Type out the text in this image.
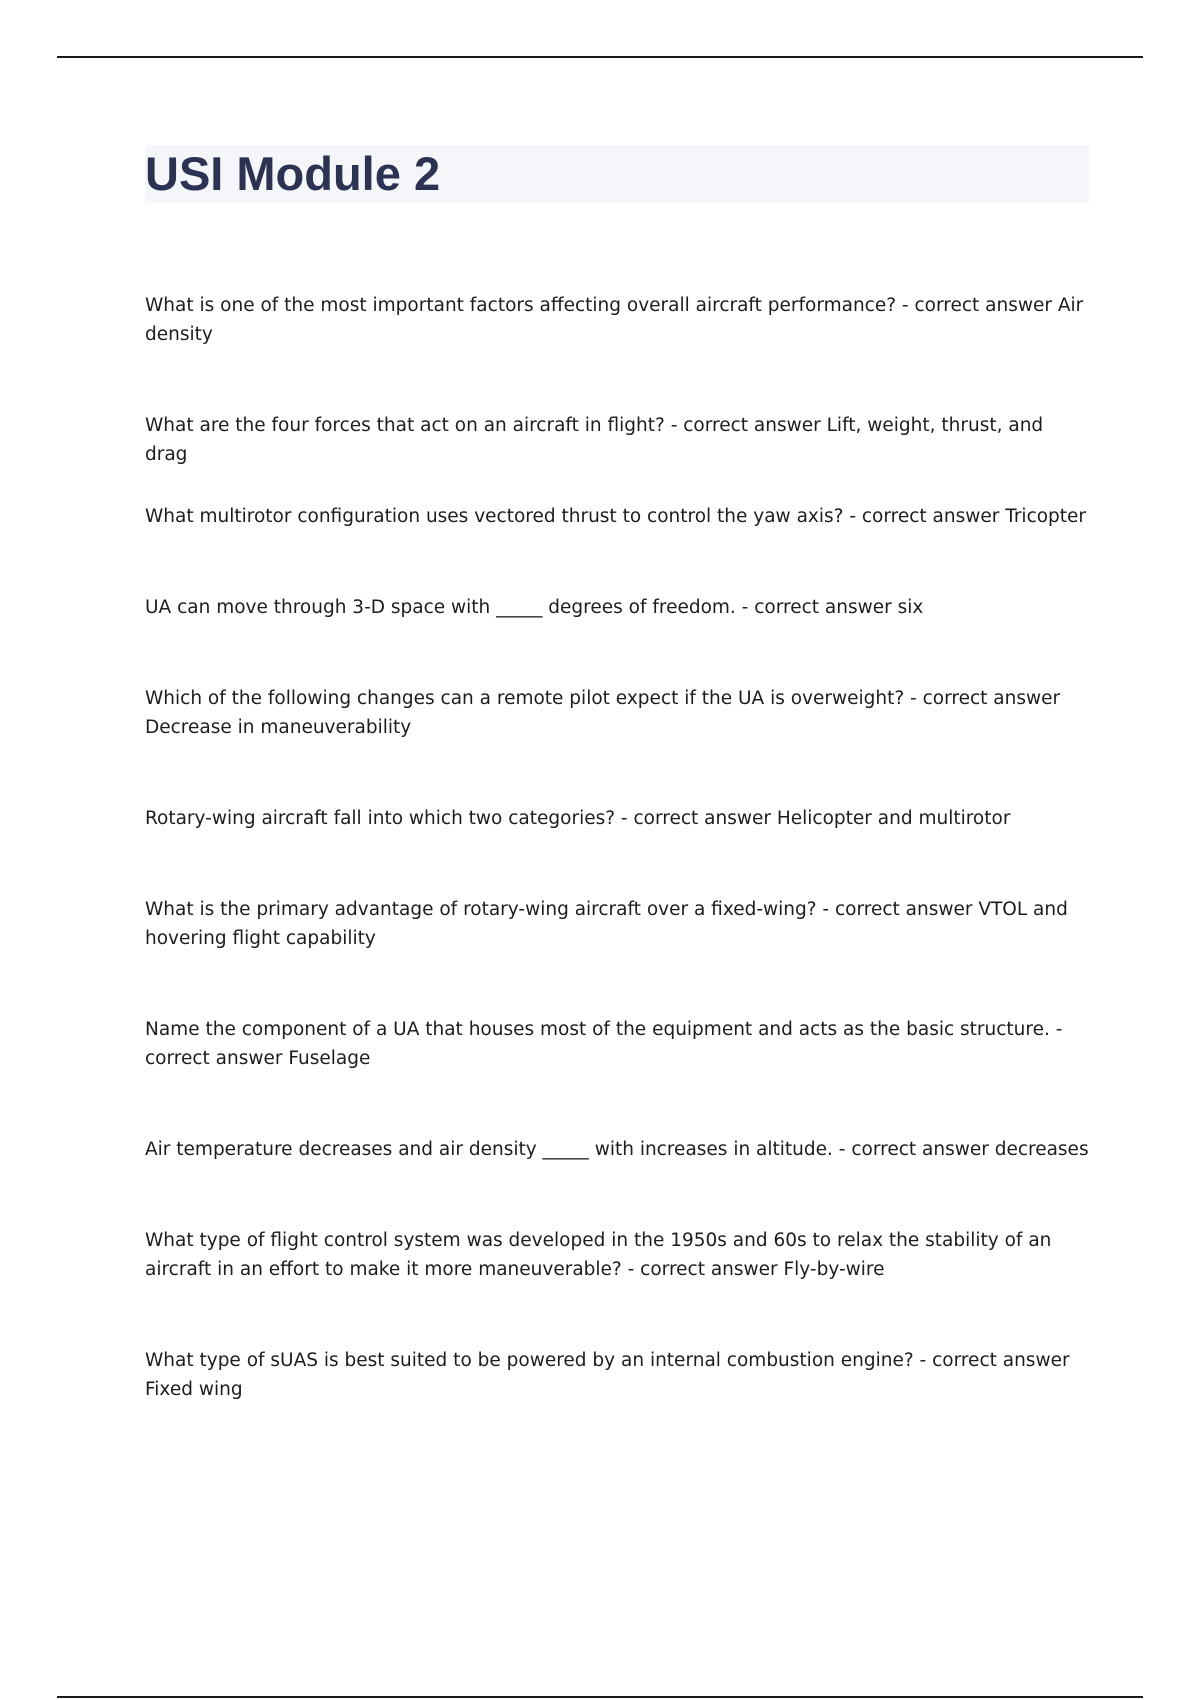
USI Module 2

What is one of the most important factors affecting overall aircraft performance? - correct answer Air density

What are the four forces that act on an aircraft in flight? - correct answer Lift, weight, thrust, and drag

What multirotor configuration uses vectored thrust to control the yaw axis? - correct answer Tricopter

UA can move through 3-D space with _____ degrees of freedom. - correct answer six

Which of the following changes can a remote pilot expect if the UA is overweight? - correct answer Decrease in maneuverability

Rotary-wing aircraft fall into which two categories? - correct answer Helicopter and multirotor

What is the primary advantage of rotary-wing aircraft over a fixed-wing? - correct answer VTOL and hovering flight capability

Name the component of a UA that houses most of the equipment and acts as the basic structure. - correct answer Fuselage

Air temperature decreases and air density _____ with increases in altitude. - correct answer decreases

What type of flight control system was developed in the 1950s and 60s to relax the stability of an aircraft in an effort to make it more maneuverable? - correct answer Fly-by-wire

What type of sUAS is best suited to be powered by an internal combustion engine? - correct answer Fixed wing
